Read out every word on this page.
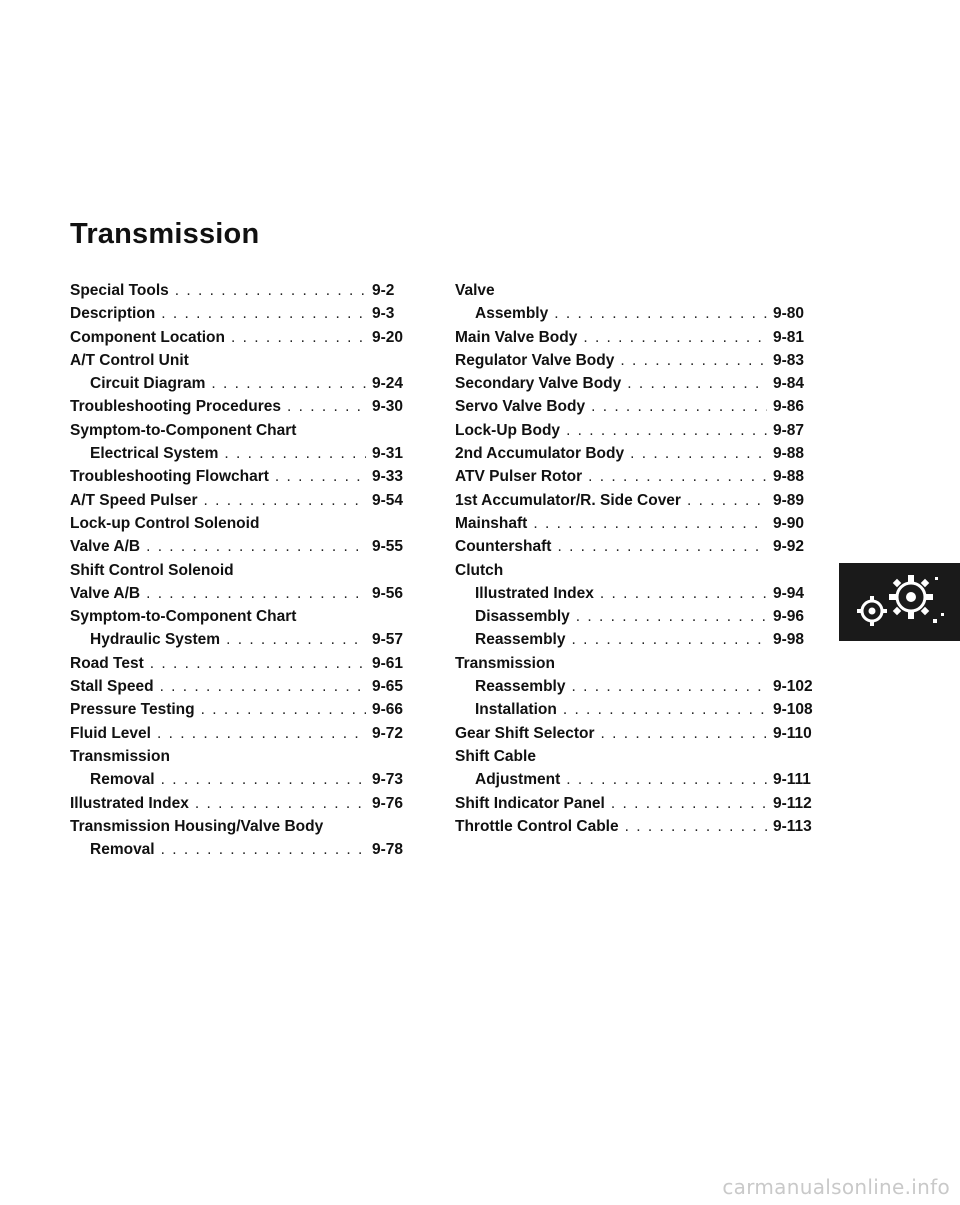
Transmission
Special Tools . . .	9-2
Description . . .	9-3
Component Location . . .	9-20
A/T Control Unit
Circuit Diagram . . .	9-24
Troubleshooting Procedures . . .	9-30
Symptom-to-Component Chart
Electrical System . . .	9-31
Troubleshooting Flowchart . . .	9-33
A/T Speed Pulser . . .	9-54
Lock-up Control Solenoid
Valve A/B . . .	9-55
Shift Control Solenoid
Valve A/B . . .	9-56
Symptom-to-Component Chart
Hydraulic System . . .	9-57
Road Test . . .	9-61
Stall Speed . . .	9-65
Pressure Testing . . .	9-66
Fluid Level . . .	9-72
Transmission
Removal . . .	9-73
Illustrated Index . . .	9-76
Transmission Housing/Valve Body
Removal . . .	9-78
Valve
Assembly . . .	9-80
Main Valve Body . . .	9-81
Regulator Valve Body . . .	9-83
Secondary Valve Body . . .	9-84
Servo Valve Body . . .	9-86
Lock-Up Body . . .	9-87
2nd Accumulator Body . . .	9-88
ATV Pulser Rotor . . .	9-88
1st Accumulator/R. Side Cover . . .	9-89
Mainshaft . . .	9-90
Countershaft . . .	9-92
Clutch
Illustrated Index . . .	9-94
Disassembly . . .	9-96
Reassembly . . .	9-98
Transmission
Reassembly . . .	9-102
Installation . . .	9-108
Gear Shift Selector . . .	9-110
Shift Cable
Adjustment . . .	9-111
Shift Indicator Panel . . .	9-112
Throttle Control Cable . . .	9-113
carmanualsonline.info
